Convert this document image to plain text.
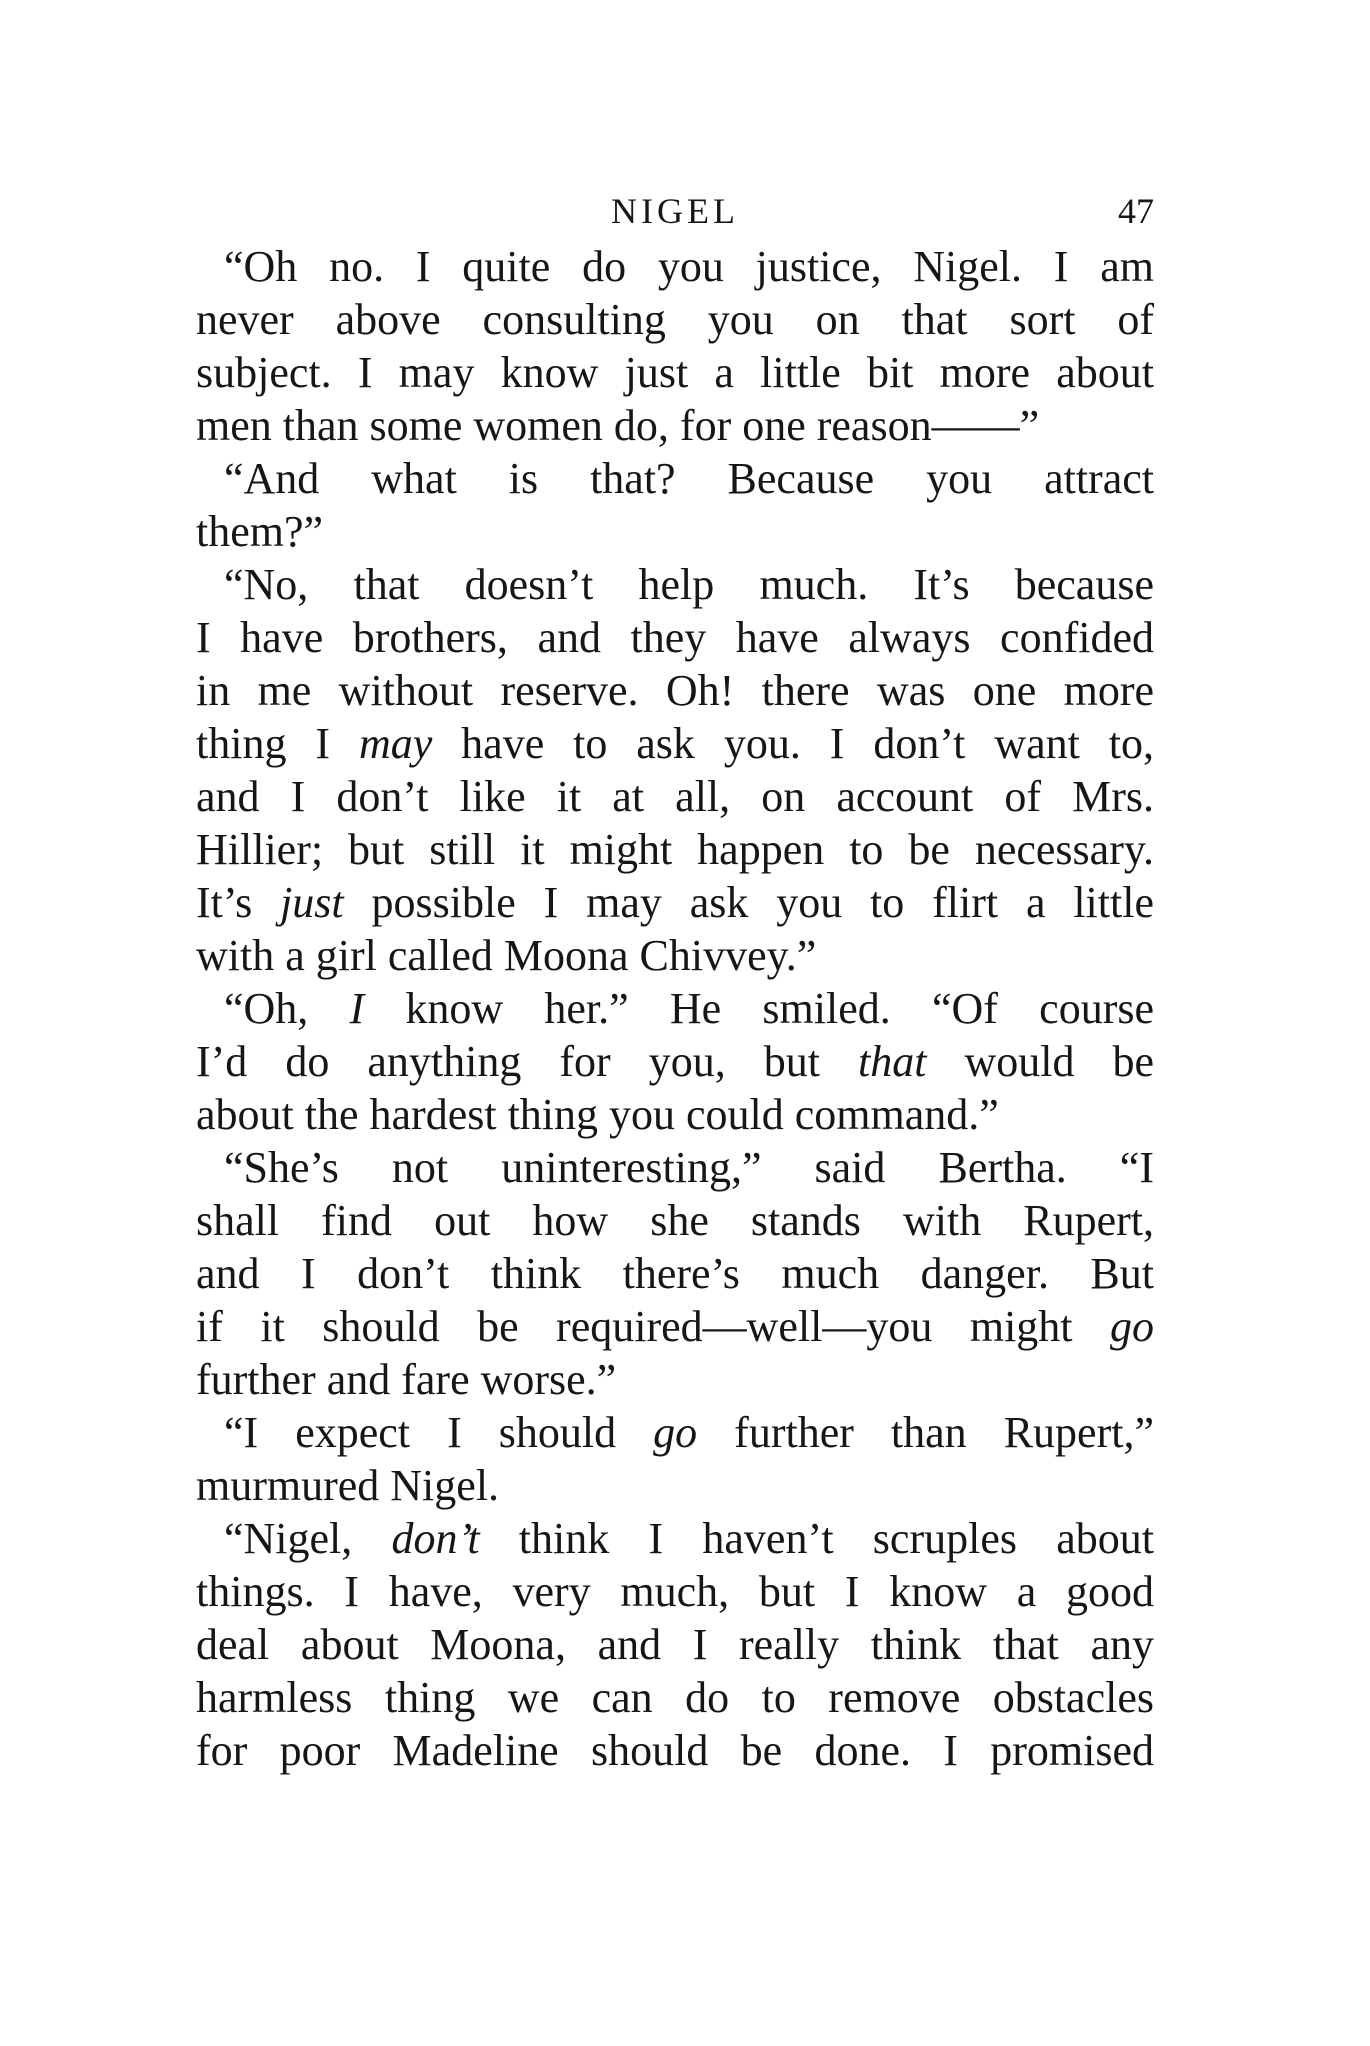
NIGEL	47
“Oh no. I quite do you justice, Nigel. I am
never above consulting you on that sort of
subject. I may know just a little bit more about
men than some women do, for one reason——”
“And what is that? Because you attract
them?”
“No, that doesn’t help much. It’s because
I have brothers, and they have always confided
in me without reserve. Oh! there was one more
thing I may have to ask you. I don’t want to,
and I don’t like it at all, on account of Mrs.
Hillier; but still it might happen to be necessary.
It’s just possible I may ask you to flirt a little
with a girl called Moona Chivvey.”
“Oh, I know her.” He smiled. “Of course
I’d do anything for you, but that would be
about the hardest thing you could command.”
“She’s not uninteresting,” said Bertha. “I
shall find out how she stands with Rupert,
and I don’t think there’s much danger. But
if it should be required—well—you might go
further and fare worse.”
“I expect I should go further than Rupert,”
murmured Nigel.
“Nigel, don’t think I haven’t scruples about
things. I have, very much, but I know a good
deal about Moona, and I really think that any
harmless thing we can do to remove obstacles
for poor Madeline should be done. I promised
